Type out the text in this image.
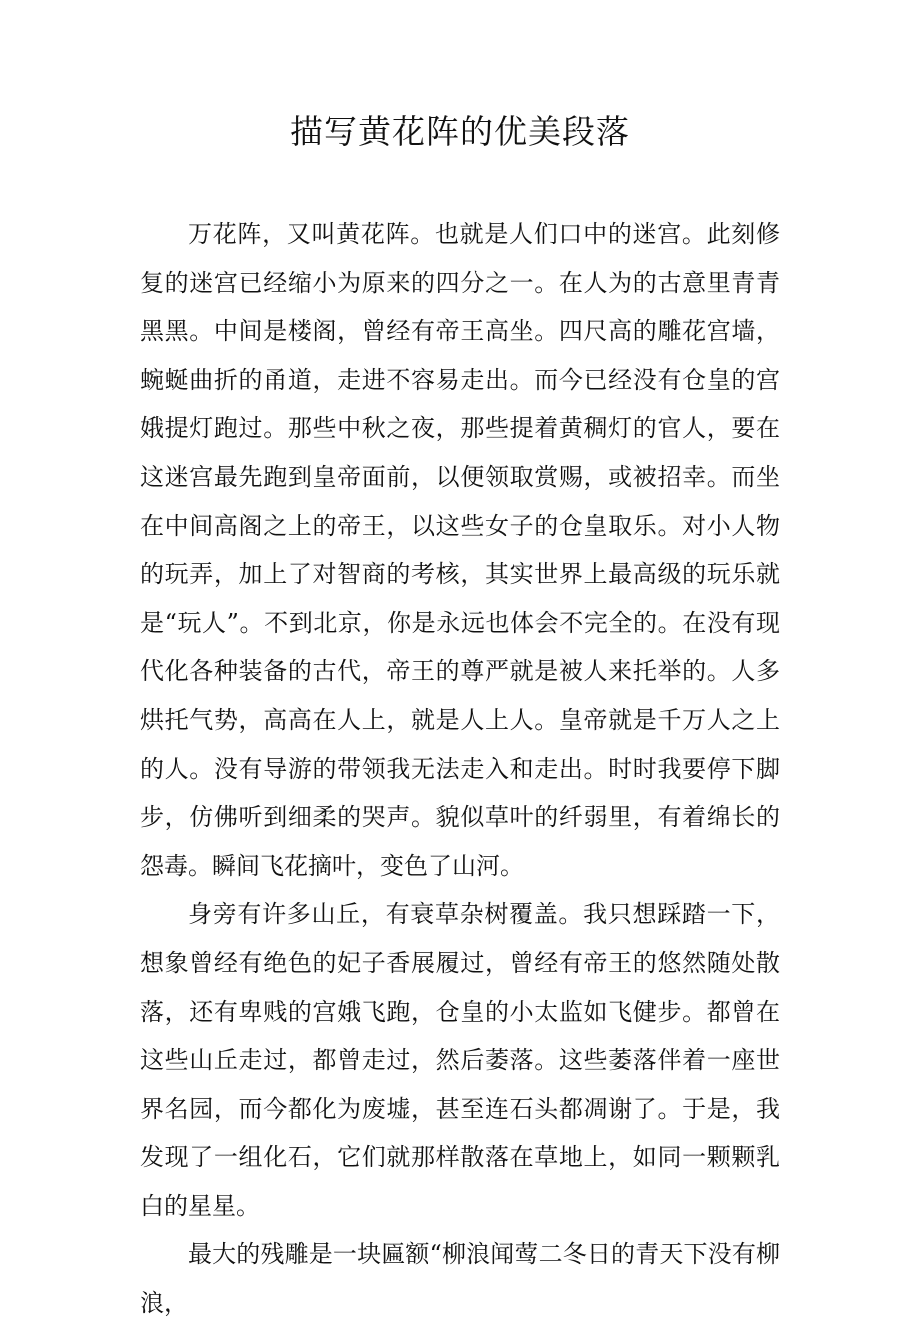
描写黄花阵的优美段落

万花阵，又叫黄花阵。也就是人们口中的迷宫。此刻修复的迷宫已经缩小为原来的四分之一。在人为的古意里青青黑黑。中间是楼阁，曾经有帝王高坐。四尺高的雕花宫墙，蜿蜒曲折的甬道，走进不容易走出。而今已经没有仓皇的宫娥提灯跑过。那些中秋之夜，那些提着黄稠灯的官人，要在这迷宫最先跑到皇帝面前，以便领取赏赐，或被招幸。而坐在中间高阁之上的帝王，以这些女子的仓皇取乐。对小人物的玩弄，加上了对智商的考核，其实世界上最高级的玩乐就是“玩人”。不到北京，你是永远也体会不完全的。在没有现代化各种装备的古代，帝王的尊严就是被人来托举的。人多烘托气势，高高在人上，就是人上人。皇帝就是千万人之上的人。没有导游的带领我无法走入和走出。时时我要停下脚步，仿佛听到细柔的哭声。貌似草叶的纤弱里，有着绵长的怨毒。瞬间飞花摘叶，变色了山河。

身旁有许多山丘，有衰草杂树覆盖。我只想踩踏一下，想象曾经有绝色的妃子香展履过，曾经有帝王的悠然随处散落，还有卑贱的宫娥飞跑，仓皇的小太监如飞健步。都曾在这些山丘走过，都曾走过，然后萎落。这些萎落伴着一座世界名园，而今都化为废墟，甚至连石头都凋谢了。于是，我发现了一组化石，它们就那样散落在草地上，如同一颗颗乳白的星星。

最大的残雕是一块匾额“柳浪闻莺二冬日的青天下没有柳浪，
